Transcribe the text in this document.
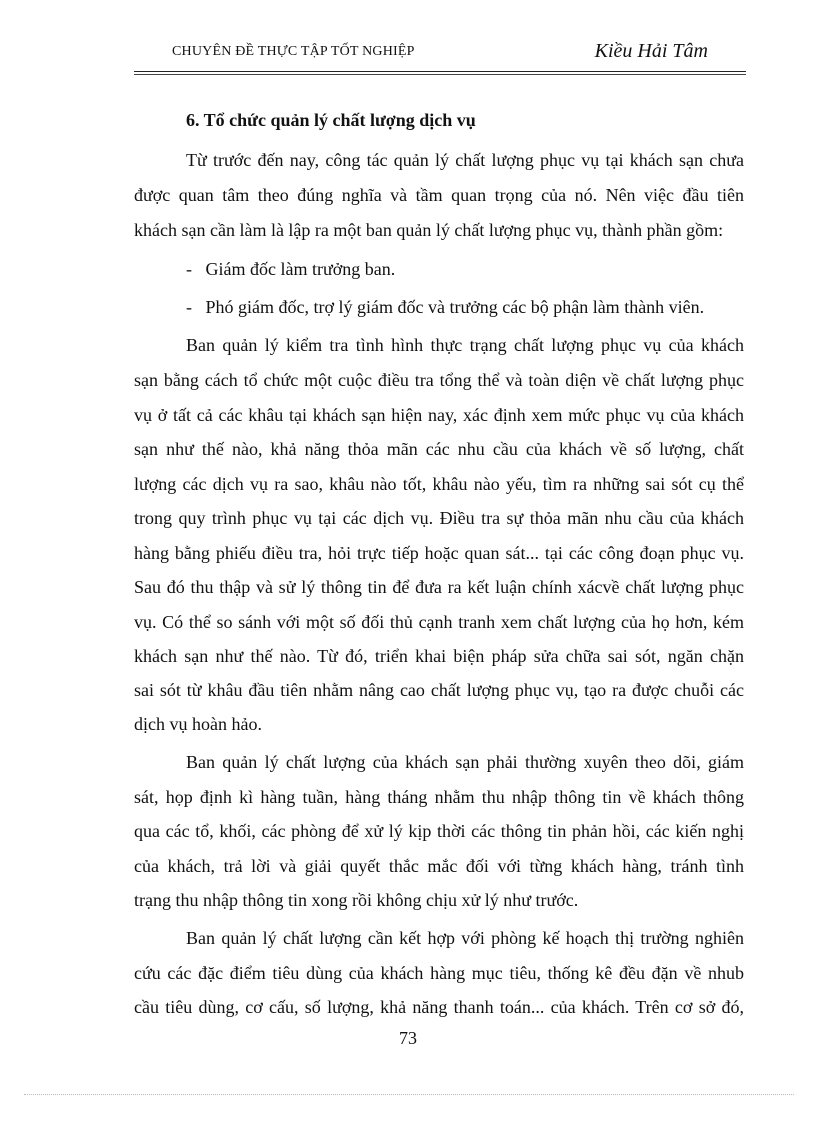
CHUYÊN ĐỀ THỰC TẬP TỐT NGHIỆP	Kiều Hải Tâm
6. Tổ chức quản lý chất lượng dịch vụ
Từ trước đến nay, công tác quản lý chất lượng phục vụ tại khách sạn chưa
được quan tâm theo đúng nghĩa và tầm quan trọng của nó. Nên việc đầu tiên
khách sạn cần làm là lập ra một ban quản lý chất lượng phục vụ, thành phần gồm:
-   Giám đốc làm trưởng ban.
-   Phó giám đốc, trợ lý giám đốc và trưởng các bộ phận làm thành viên.
Ban quản lý kiểm tra tình hình thực trạng chất lượng phục vụ của khách
sạn bằng cách tổ chức một cuộc điều tra tổng thể và toàn diện về chất lượng phục
vụ ở tất cả các khâu tại khách sạn hiện nay, xác định xem mức phục vụ của khách
sạn như thế nào, khả năng thỏa mãn các nhu cầu của khách về số lượng, chất
lượng các dịch vụ ra sao, khâu nào tốt, khâu nào yếu, tìm ra những sai sót cụ thể
trong quy trình phục vụ tại các dịch vụ. Điều tra sự thỏa mãn nhu cầu của khách
hàng bằng phiếu điều tra, hỏi trực tiếp hoặc quan sát... tại các công đoạn phục vụ.
Sau đó thu thập và sử lý thông tin để đưa ra kết luận chính xácvề chất lượng phục
vụ. Có thể so sánh với một số đối thủ cạnh tranh xem chất lượng của họ hơn, kém
khách sạn như thế nào. Từ đó, triển khai biện pháp sửa chữa sai sót, ngăn chặn
sai sót từ khâu đầu tiên nhằm nâng cao chất lượng phục vụ, tạo ra được chuỗi các
dịch vụ hoàn hảo.
Ban quản lý chất lượng của khách sạn phải thường xuyên theo dõi, giám
sát, họp định kì hàng tuần, hàng tháng nhằm thu nhập thông tin về khách thông
qua các tổ, khối, các phòng để xử lý kịp thời các thông tin phản hồi, các kiến nghị
của khách, trả lời và giải quyết thắc mắc đối với từng khách hàng, tránh tình
trạng thu nhập thông tin xong rồi không chịu xử lý như trước.
Ban quản lý chất lượng cần kết hợp với phòng kế hoạch thị trường nghiên
cứu các đặc điểm tiêu dùng của khách hàng mục tiêu, thống kê đều đặn về nhub
cầu tiêu dùng, cơ cấu, số lượng, khả năng thanh toán... của khách. Trên cơ sở đó,
73
